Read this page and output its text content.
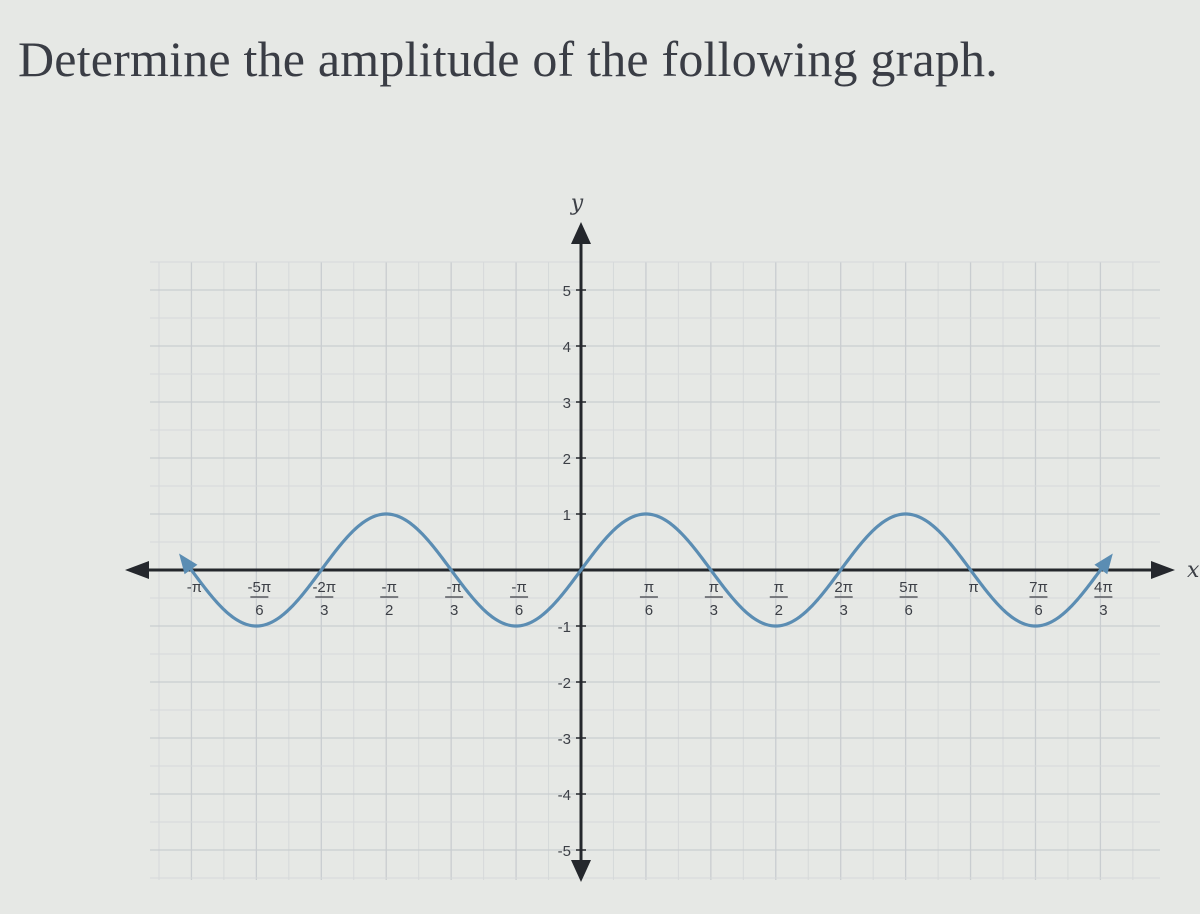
Determine the amplitude of the following graph.
y
x
-π	-5π
6
-2π
3
-π
2
-π
3
-π
6
π
6
π
3
π
2
2π
3
5π
6
π	7π
6
4π
3
5
4
3
2
1
-1
-2
-3
-4
-5
